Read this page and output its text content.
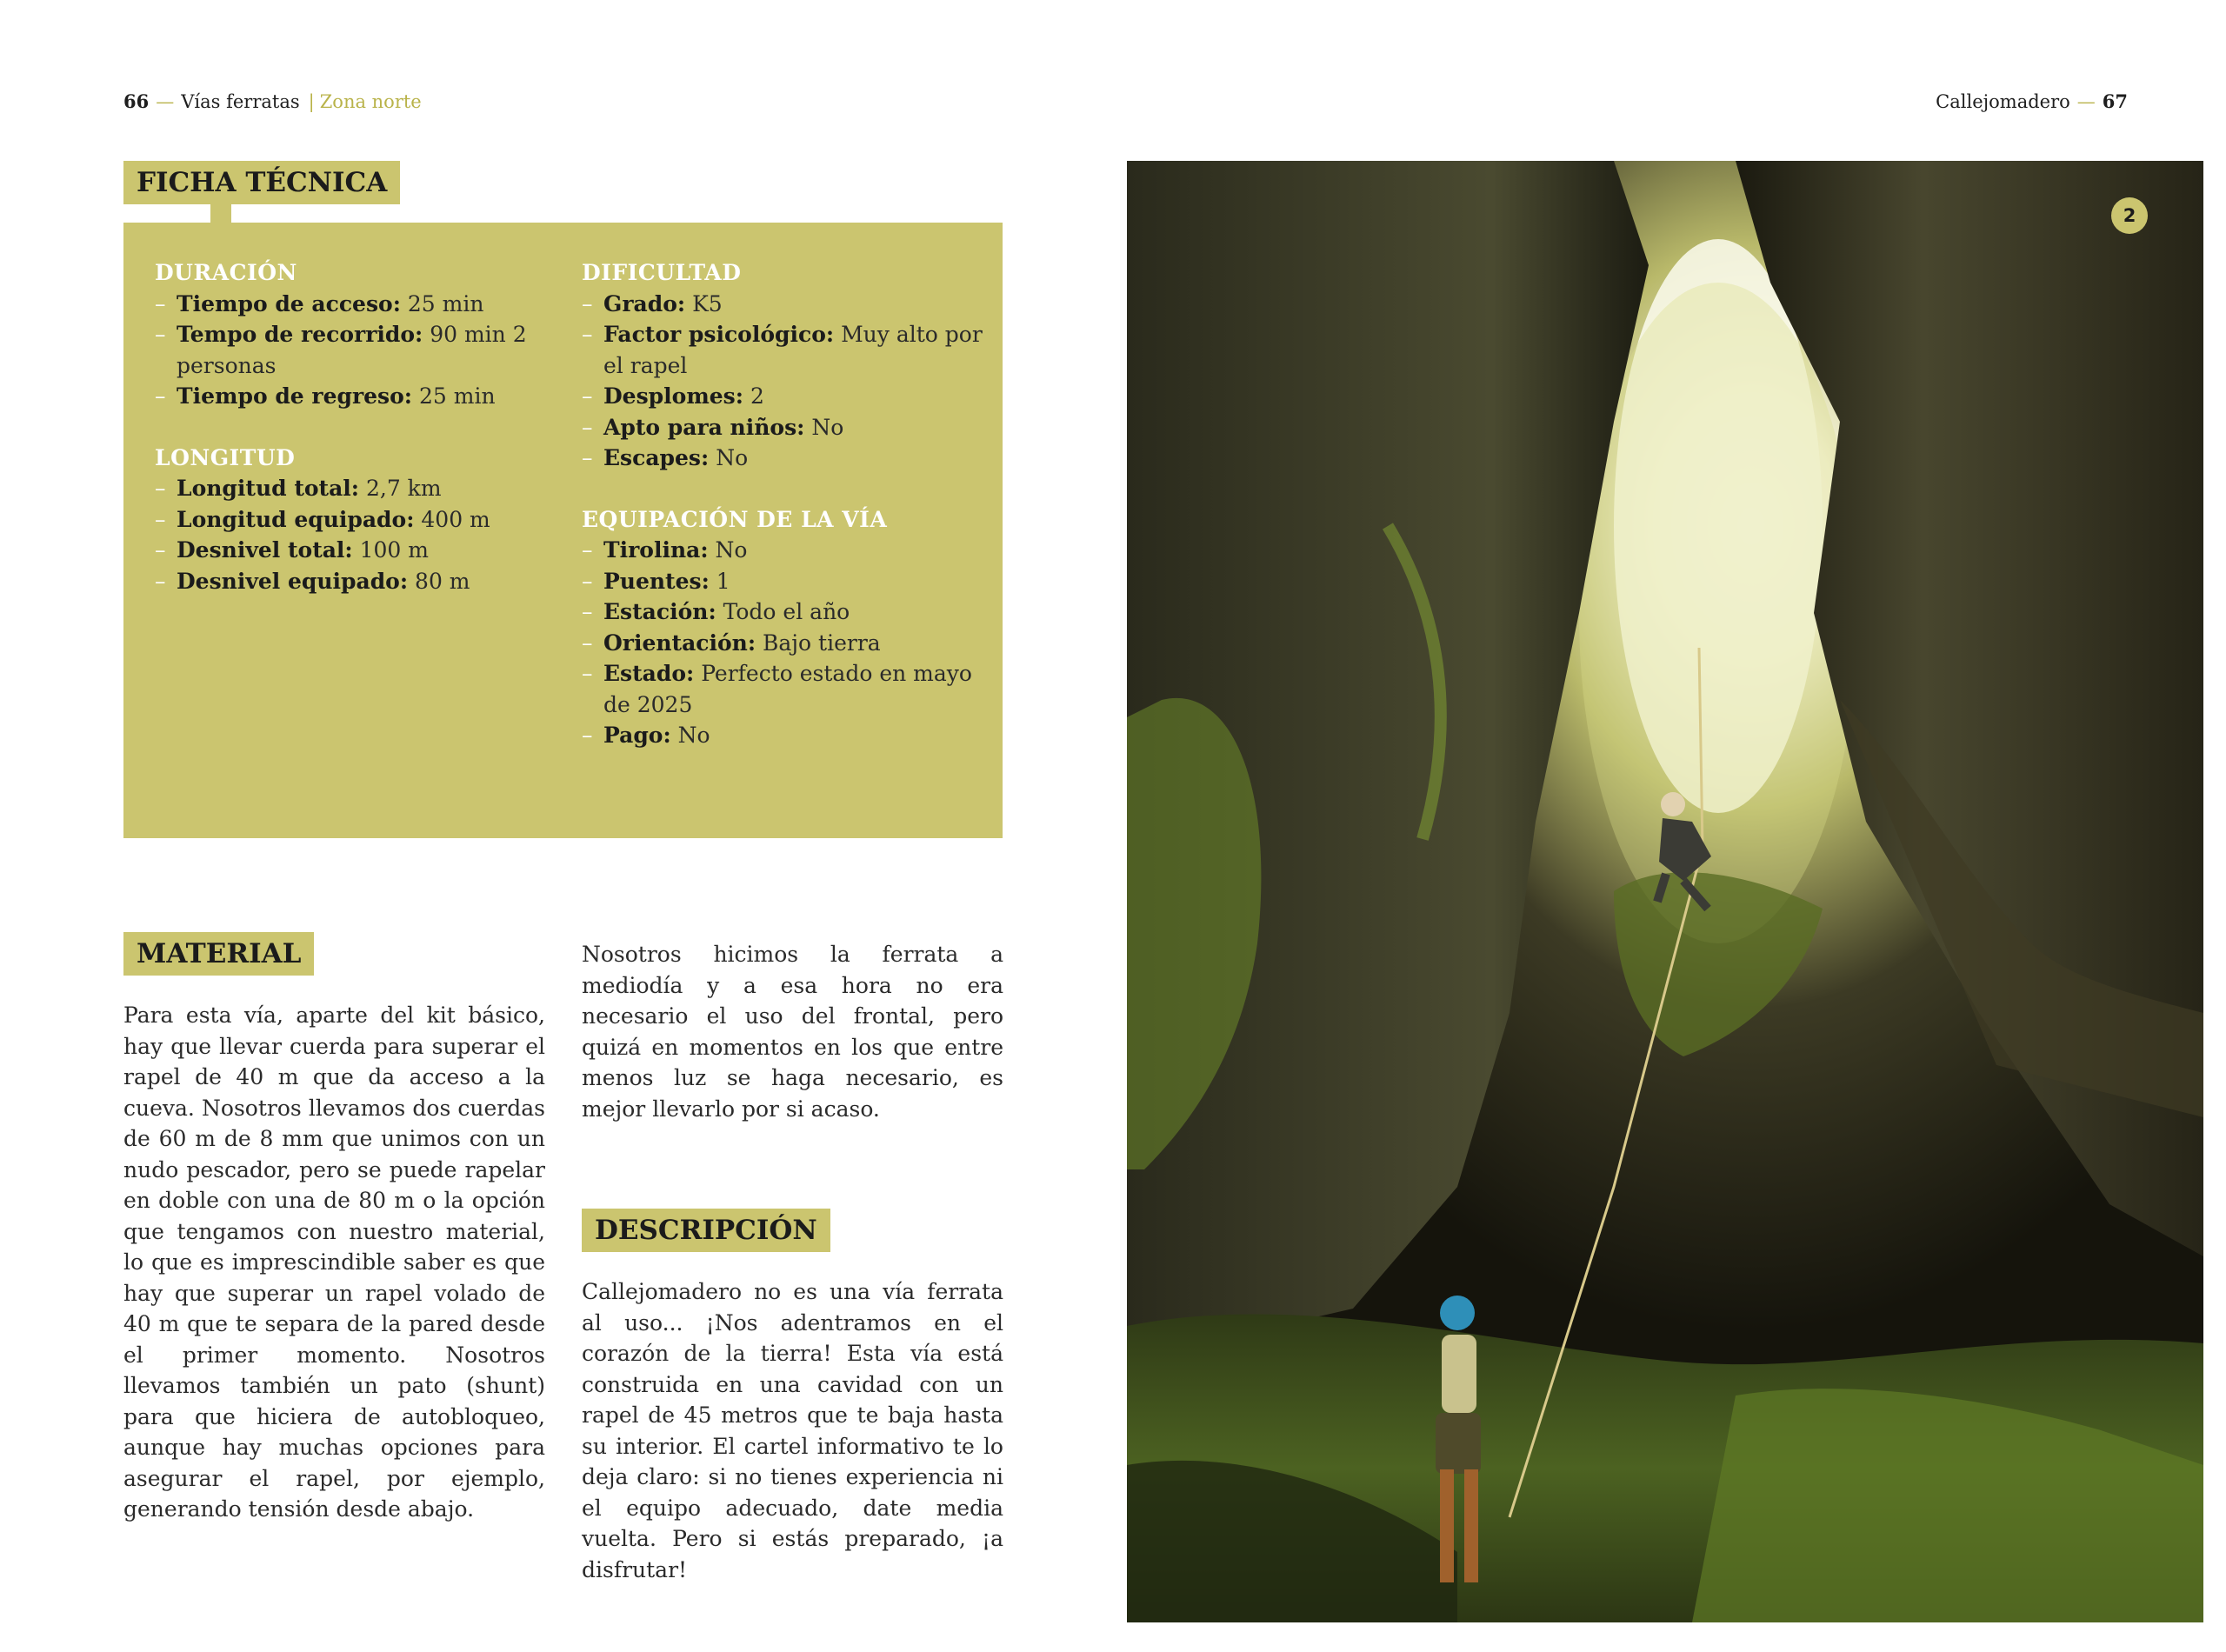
66 — Vías ferratas | Zona norte	Callejomadero — 67
FICHA TÉCNICA
DURACIÓN
– Tiempo de acceso: 25 min
– Tempo de recorrido: 90 min 2 personas
– Tiempo de regreso: 25 min
LONGITUD
– Longitud total: 2,7 km
– Longitud equipado: 400 m
– Desnivel total: 100 m
– Desnivel equipado: 80 m
DIFICULTAD
– Grado: K5
– Factor psicológico: Muy alto por el rapel
– Desplomes: 2
– Apto para niños: No
– Escapes: No
EQUIPACIÓN DE LA VÍA
– Tirolina: No
– Puentes: 1
– Estación: Todo el año
– Orientación: Bajo tierra
– Estado: Perfecto estado en mayo de 2025
– Pago: No
MATERIAL

Para esta vía, aparte del kit básico, hay que llevar cuerda para superar el rapel de 40 m que da acceso a la cueva. Nosotros llevamos dos cuerdas de 60 m de 8 mm que unimos con un nudo pescador, pero se puede rapelar en doble con una de 80 m o la opción que tengamos con nuestro material, lo que es imprescindible saber es que hay que superar un rapel volado de 40 m que te separa de la pared desde el primer momento. Nosotros llevamos también un pato (shunt) para que hiciera de autobloqueo, aunque hay muchas opciones para asegurar el rapel, por ejemplo, generando tensión desde abajo.

Nosotros hicimos la ferrata a mediodía y a esa hora no era necesario el uso del frontal, pero quizá en momentos en los que entre menos luz se haga necesario, es mejor llevarlo por si acaso.

DESCRIPCIÓN

Callejomadero no es una vía ferrata al uso... ¡Nos adentramos en el corazón de la tierra! Esta vía está construida en una cavidad con un rapel de 45 metros que te baja hasta su interior. El cartel informativo te lo deja claro: si no tienes experiencia ni el equipo adecuado, date media vuelta. Pero si estás preparado, ¡a disfrutar!

2
